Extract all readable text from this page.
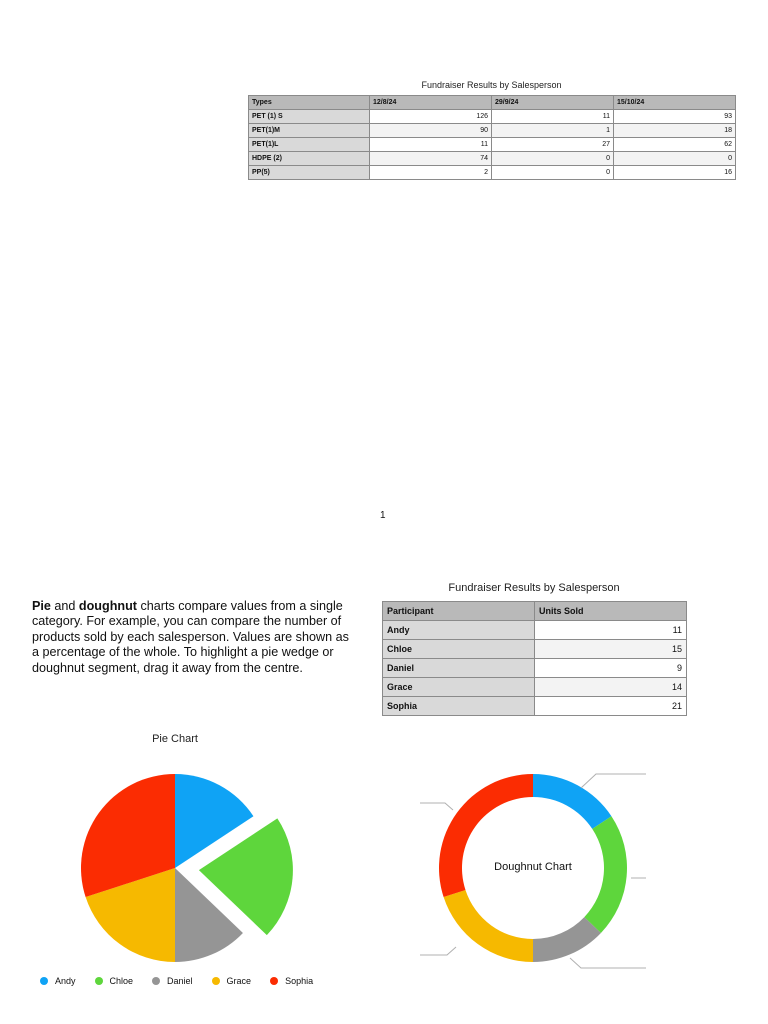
Fundraiser Results by Salesperson
Types	12/8/24	29/9/24	15/10/24
PET (1) S	126	11	93
PET(1)M	90	1	18
PET(1)L	11	27	62
HDPE (2)	74	0	0
PP(5)	2	0	16
1
Pie and doughnut charts compare values from a single category. For example, you can compare the number of products sold by each salesperson. Values are shown as a percentage of the whole. To highlight a pie wedge or doughnut segment, drag it away from the centre.
Fundraiser Results by Salesperson
Participant	Units Sold
Andy	11
Chloe	15
Daniel	9
Grace	14
Sophia	21
Pie Chart
Andy	Chloe	Daniel	Grace	Sophia
Doughnut Chart
